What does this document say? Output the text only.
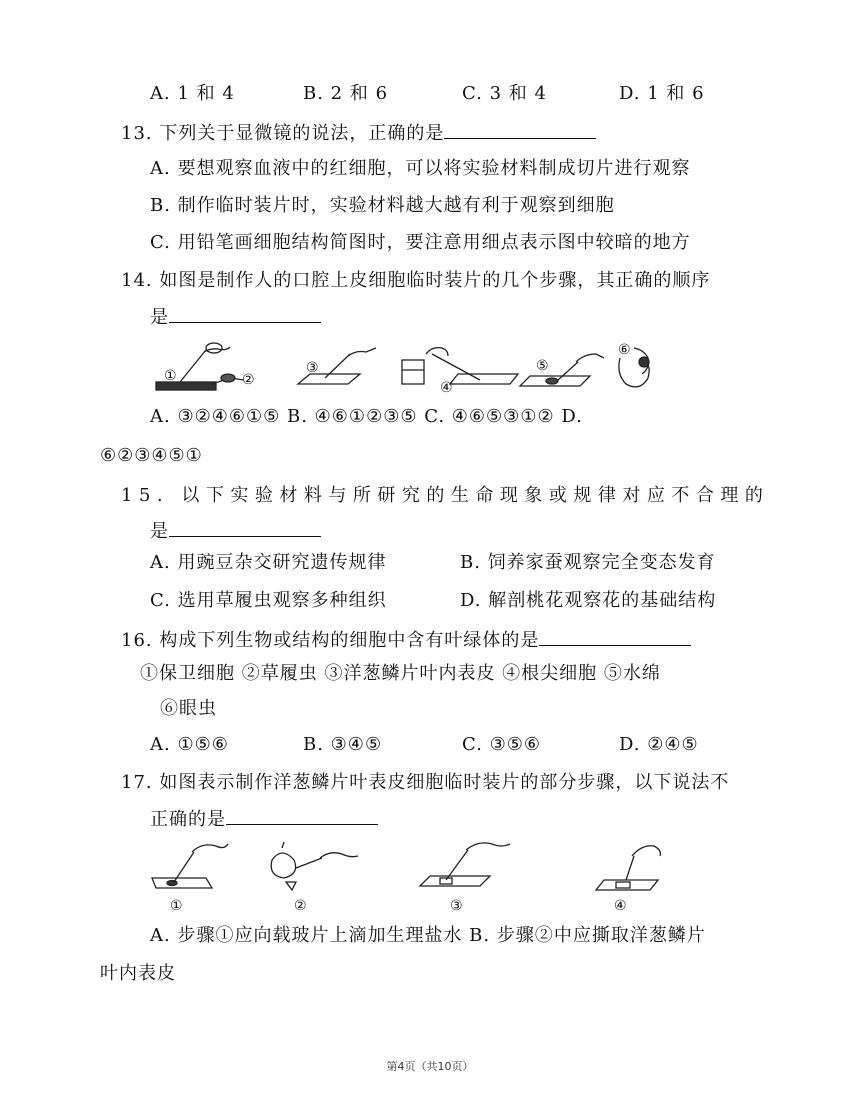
A. 1 和 4	B. 2 和 6	C. 3 和 4	D. 1 和 6
13. 下列关于显微镜的说法，正确的是
A. 要想观察血液中的红细胞，可以将实验材料制成切片进行观察
B. 制作临时装片时，实验材料越大越有利于观察到细胞
C. 用铅笔画细胞结构简图时，要注意用细点表示图中较暗的地方
14. 如图是制作人的口腔上皮细胞临时装片的几个步骤，其正确的顺序
是
①	②
③
④
⑤
⑥
A. ③②④⑥①⑤ B. ④⑥①②③⑤ C. ④⑥⑤③①② D.
⑥②③④⑤①
15. 以下实验材料与所研究的生命现象或规律对应不合理的
是
A. 用豌豆杂交研究遗传规律	B. 饲养家蚕观察完全变态发育
C. 选用草履虫观察多种组织	D. 解剖桃花观察花的基础结构
16. 构成下列生物或结构的细胞中含有叶绿体的是
①保卫细胞 ②草履虫 ③洋葱鳞片叶内表皮 ④根尖细胞 ⑤水绵
⑥眼虫
A. ①⑤⑥	B. ③④⑤	C. ③⑤⑥	D. ②④⑤
17. 如图表示制作洋葱鳞片叶表皮细胞临时装片的部分步骤，以下说法不
正确的是
①	②	③	④
A. 步骤①应向载玻片上滴加生理盐水 B. 步骤②中应撕取洋葱鳞片
叶内表皮
第4页（共10页）
